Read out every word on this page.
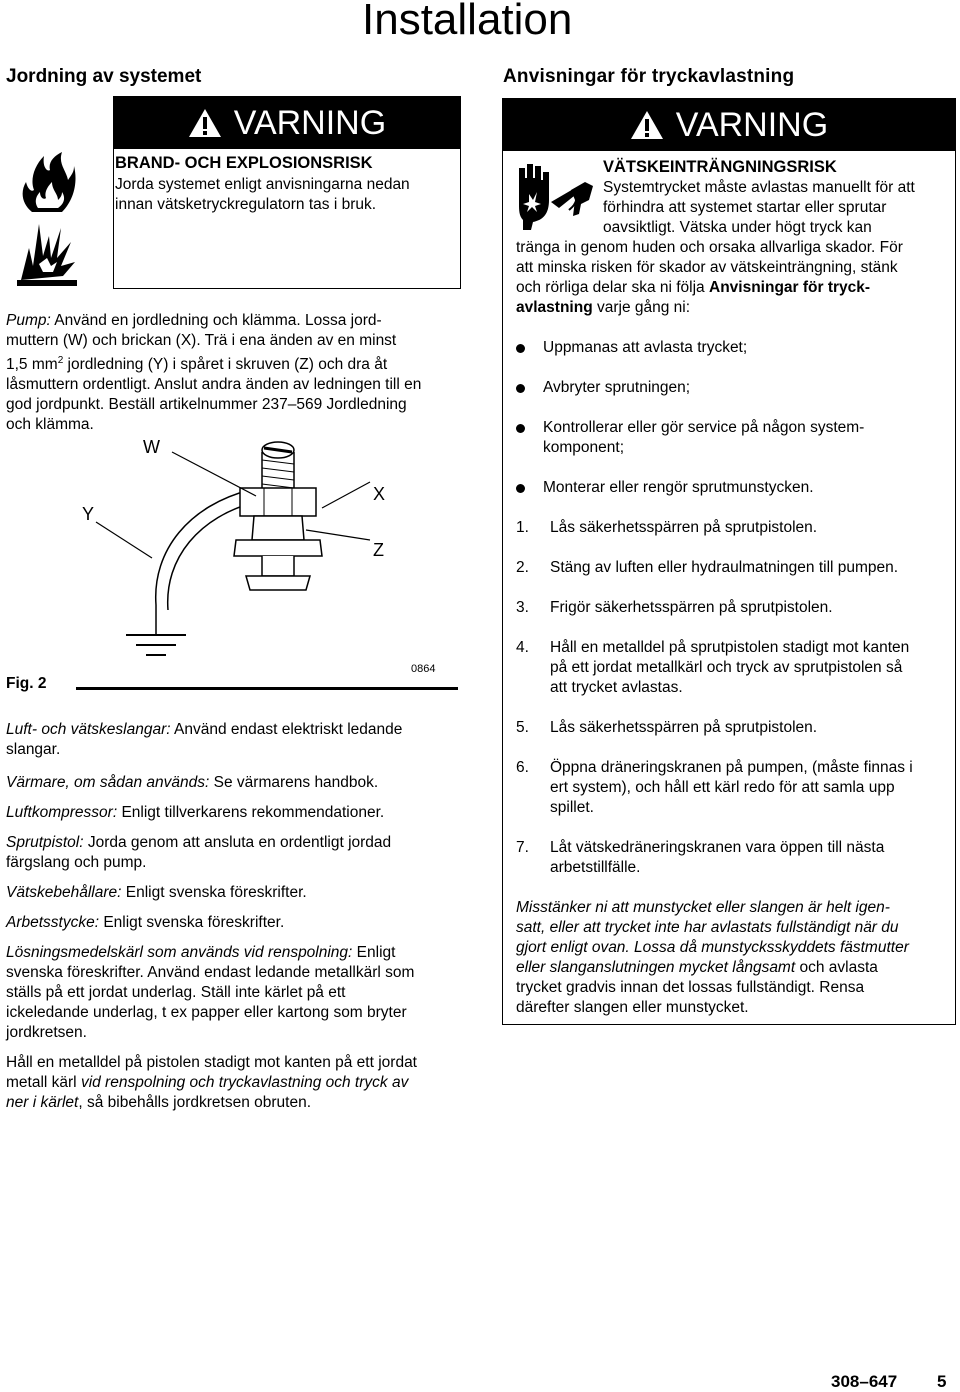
Installation
Jordning av systemet
VARNING
BRAND- OCH EXPLOSIONSRISK
Jorda systemet enligt anvisningarna nedan
innan vätsketryckregulatorn tas i bruk.
Pump: Använd en jordledning och klämma. Lossa jord-
muttern (W) och brickan (X). Trä i ena änden av en minst
1,5 $mm^2$ jordledning (Y) i spåret i skruven (Z) och dra åt
låsmuttern ordentligt. Anslut andra änden av ledningen till en
god jordpunkt. Beställ artikelnummer 237–569 Jordledning
och klämma.
W
X
Y
Z
0864
Fig. 2
Luft- och vätskeslangar: Använd endast elektriskt ledande
slangar.
Värmare, om sådan används: Se värmarens handbok.
Luftkompressor: Enligt tillverkarens rekommendationer.
Sprutpistol: Jorda genom att ansluta en ordentligt jordad
färgslang och pump.
Vätskebehållare: Enligt svenska föreskrifter.
Arbetsstycke: Enligt svenska föreskrifter.
Lösningsmedelskärl som används vid renspolning: Enligt
svenska föreskrifter. Använd endast ledande metallkärl som
ställs på ett jordat underlag. Ställ inte kärlet på ett
ickeledande underlag, t ex papper eller kartong som bryter
jordkretsen.
Håll en metalldel på pistolen stadigt mot kanten på ett jordat
metall kärl vid renspolning och tryckavlastning och tryck av
ner i kärlet, så bibehålls jordkretsen obruten.
Anvisningar för tryckavlastning
VARNING
VÄTSKEINTRÄNGNINGSRISK
Systemtrycket måste avlastas manuellt för att
förhindra att systemet startar eller sprutar
oavsiktligt. Vätska under högt tryck kan
tränga in genom huden och orsaka allvarliga skador. För
att minska risken för skador av vätskeinträngning, stänk
och rörliga delar ska ni följa Anvisningar för tryck-
avlastning varje gång ni:
Uppmanas att avlasta trycket;
Avbryter sprutningen;
Kontrollerar eller gör service på någon system-
komponent;
Monterar eller rengör sprutmunstycken.
1. Lås säkerhetsspärren på sprutpistolen.
2. Stäng av luften eller hydraulmatningen till pumpen.
3. Frigör säkerhetsspärren på sprutpistolen.
4. Håll en metalldel på sprutpistolen stadigt mot kanten
på ett jordat metallkärl och tryck av sprutpistolen så
att trycket avlastas.
5. Lås säkerhetsspärren på sprutpistolen.
6. Öppna dräneringskranen på pumpen, (måste finnas i
ert system), och håll ett kärl redo för att samla upp
spillet.
7. Låt vätskedräneringskranen vara öppen till nästa
arbetstillfälle.
Misstänker ni att munstycket eller slangen är helt igen-
satt, eller att trycket inte har avlastats fullständigt när du
gjort enligt ovan. Lossa då munstycksskyddets fästmutter
eller slanganslutningen mycket långsamt och avlasta
trycket gradvis innan det lossas fullständigt. Rensa
därefter slangen eller munstycket.
308–647 5
